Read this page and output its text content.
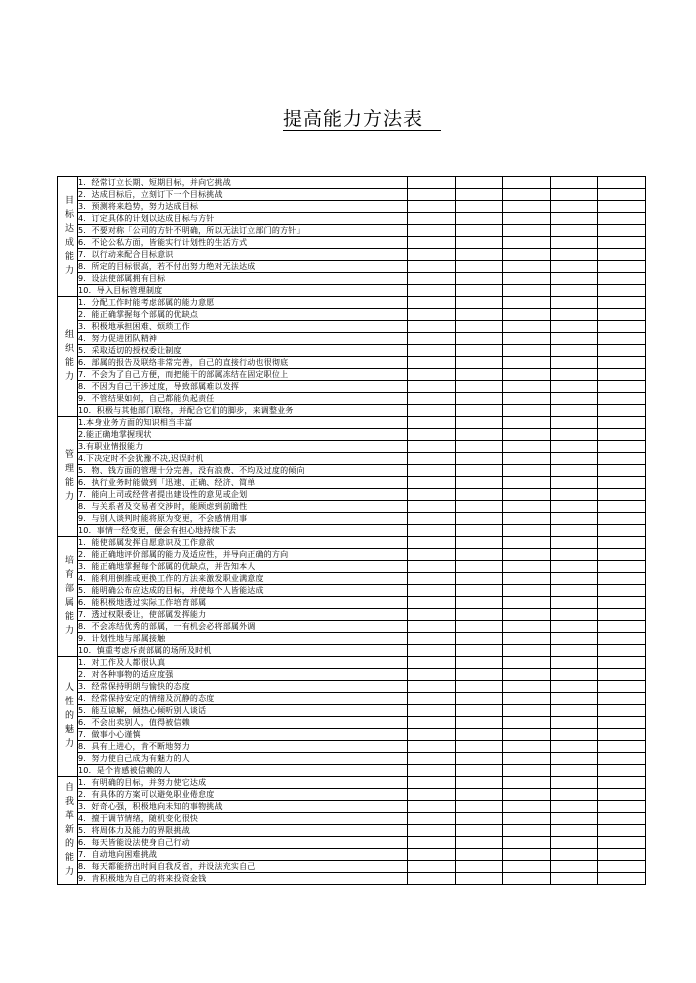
提高能力方法表
目标达成能力	1．经常订立长期、短期目标，并向它挑战					
	2．达成目标后，立刻订下一个目标挑战					
	3．预测将来趋势，努力达成目标					
	4．订定具体的计划以达成目标与方针					
	5．不要对称「公司的方针不明确，所以无法订立部门的方针」					
	6．不论公私方面，皆能实行计划性的生活方式					
	7．以行动来配合目标意识					
	8．所定的目标很高，若不付出努力绝对无法达成					
	9．设法使部属拥有目标					
	10．导入目标管理制度					

组织能力	1．分配工作时能考虑部属的能力意愿					
	2．能正确掌握每个部属的优缺点					
	3．积极地承担困难、烦琐工作					
	4．努力促进团队精神					
	5．采取适切的授权委让制度					
	6．部属的报告及联络非常完善，自己的直接行动也很彻底					
	7．不会为了自己方便，而把能干的部属冻结在固定职位上					
	8．不因为自己干涉过度，导致部属难以发挥					
	9．不管结果如何，自己都能负起责任					
	10．积极与其他部门联络，并配合它们的脚步，来调整业务					

管理能力	1.本身业务方面的知识相当丰富					
	2.能正确地掌握现状					
	3.有职业情报能力					
	4.下决定时不会犹豫不决,迟误时机					
	5．物、钱方面的管理十分完善，没有浪费、不均及过度的倾向					
	6．执行业务时能做到「迅速、正确、经济、简单					
	7．能向上司或经营者提出建设性的意见或企划					
	8．与关系者及交易者交涉时，能顾虑到前瞻性					
	9．与别人谈判时能将原为变更，不会感情用事					
	10．事情一经变更，便会有担心地持续下去					

培育部属能力	1．能使部属发挥自愿意识及工作意欲					
	2．能正确地评价部属的能力及适应性，并导向正确的方向					
	3．能正确地掌握每个部属的优缺点，并告知本人					
	4．能利用倒推或更换工作的方法来激发职业满意度					
	5．能明确公布应达成的目标，并使每个人皆能达成					
	6．能积极地透过实际工作培育部属					
	7．透过权限委让，使部属发挥能力					
	8．不会冻结优秀的部属，一有机会必将部属外调					
	9．计划性地与部属接触					
	10．慎重考虑斥责部属的场所及时机					

人性的魅力	1．对工作及人都很认真					
	2．对各种事物的适应度强					
	3．经常保持明朗与愉快的态度					
	4．经常保持安定的情绪及沉静的态度					
	5．能互谅解，倾热心倾听别人谈话					
	6．不会出卖别人，值得被信赖					
	7．做事小心谨慎					
	8．具有上进心，肯不断地努力					
	9．努力使自己成为有魅力的人					
	10．是个肯感被信赖的人					

自我革新的能力	1．有明确的目标，并努力使它达成					
	2．有具体的方案可以避免职业倦怠度					
	3．好奇心强，积极地向未知的事物挑战					
	4．擅于调节情绪，随机变化很快					
	5．将周体力及能力的界限挑战					
	6．每天皆能设法使身自己行动					
	7．自动地向困难挑战					
	8．每天都能挤出时间自我反省，并设法充实自己					
	9．肯积极地为自己的将来投资金钱					
